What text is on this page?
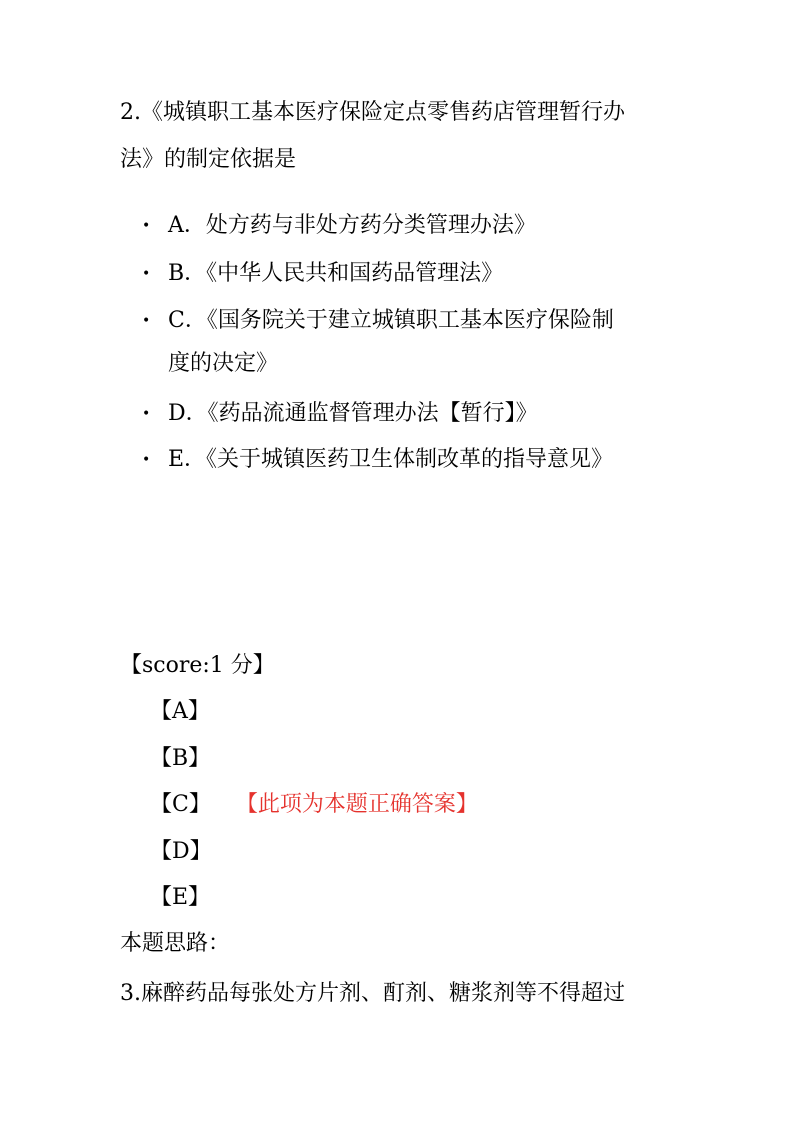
2.《城镇职工基本医疗保险定点零售药店管理暂行办
法》的制定依据是
• A．处方药与非处方药分类管理办法》
• B．《中华人民共和国药品管理法》
• C．《国务院关于建立城镇职工基本医疗保险制
度的决定》
• D．《药品流通监督管理办法【暂行】》
• E．《关于城镇医药卫生体制改革的指导意见》
【score:1 分】
【A】
【B】
【C】 【此项为本题正确答案】
【D】
【E】
本题思路：
3.麻醉药品每张处方片剂、酊剂、糖浆剂等不得超过
